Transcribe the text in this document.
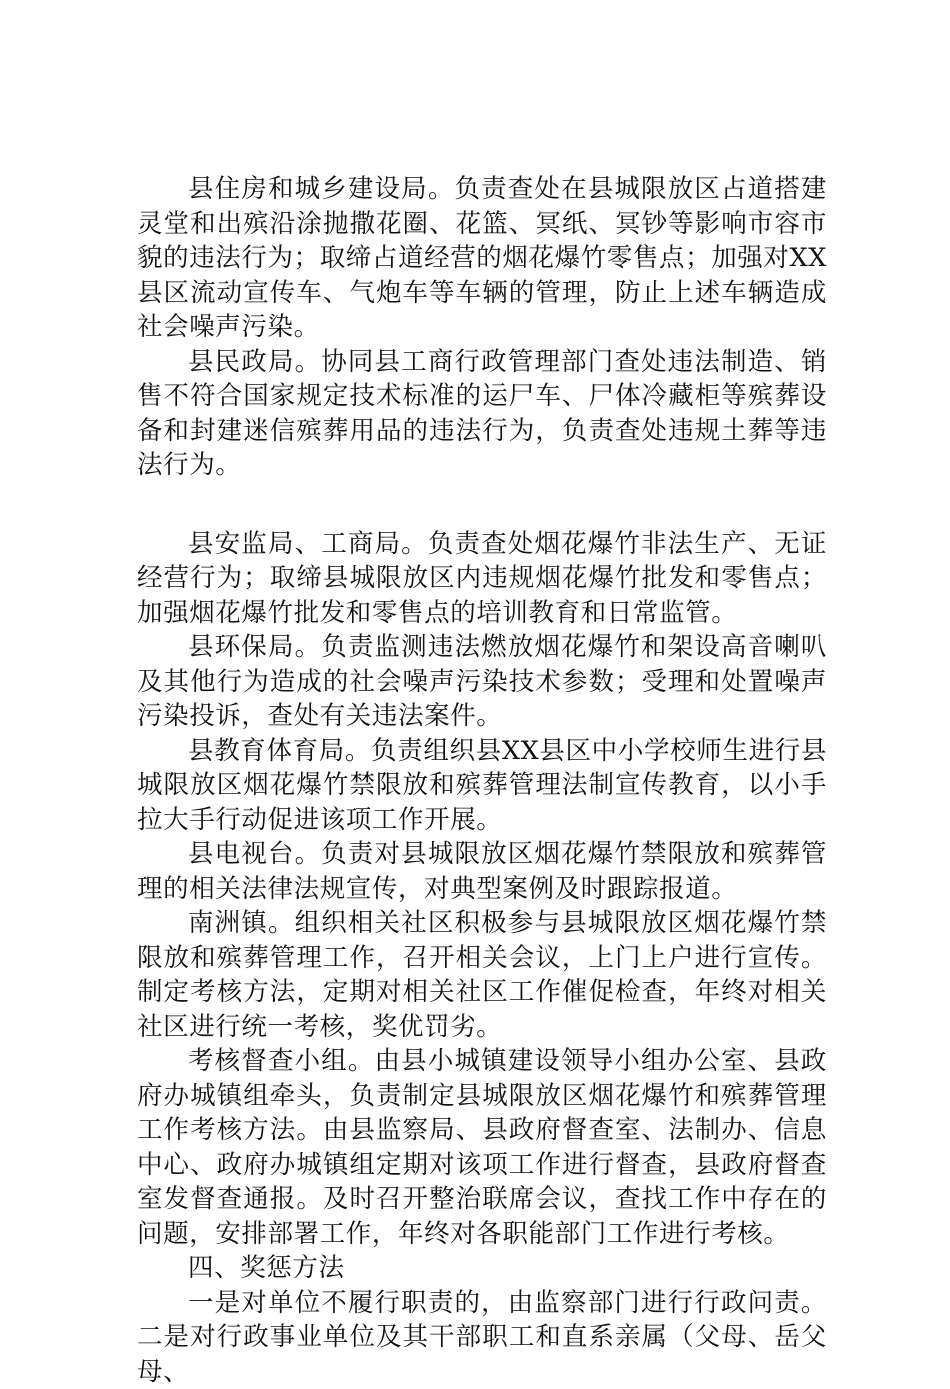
县住房和城乡建设局。负责查处在县城限放区占道搭建灵堂和出殡沿涂抛撒花圈、花篮、冥纸、冥钞等影响市容市貌的违法行为；取缔占道经营的烟花爆竹零售点；加强对XX县区流动宣传车、气炮车等车辆的管理，防止上述车辆造成社会噪声污染。

县民政局。协同县工商行政管理部门查处违法制造、销售不符合国家规定技术标准的运尸车、尸体冷藏柜等殡葬设备和封建迷信殡葬用品的违法行为，负责查处违规土葬等违法行为。

县安监局、工商局。负责查处烟花爆竹非法生产、无证经营行为；取缔县城限放区内违规烟花爆竹批发和零售点；加强烟花爆竹批发和零售点的培训教育和日常监管。

县环保局。负责监测违法燃放烟花爆竹和架设高音喇叭及其他行为造成的社会噪声污染技术参数；受理和处置噪声污染投诉，查处有关违法案件。

县教育体育局。负责组织县XX县区中小学校师生进行县城限放区烟花爆竹禁限放和殡葬管理法制宣传教育，以小手拉大手行动促进该项工作开展。

县电视台。负责对县城限放区烟花爆竹禁限放和殡葬管理的相关法律法规宣传，对典型案例及时跟踪报道。

南洲镇。组织相关社区积极参与县城限放区烟花爆竹禁限放和殡葬管理工作，召开相关会议，上门上户进行宣传。制定考核方法，定期对相关社区工作催促检查，年终对相关社区进行统一考核，奖优罚劣。

考核督查小组。由县小城镇建设领导小组办公室、县政府办城镇组牵头，负责制定县城限放区烟花爆竹和殡葬管理工作考核方法。由县监察局、县政府督查室、法制办、信息中心、政府办城镇组定期对该项工作进行督查，县政府督查室发督查通报。及时召开整治联席会议，查找工作中存在的问题，安排部署工作，年终对各职能部门工作进行考核。

四、奖惩方法

一是对单位不履行职责的，由监察部门进行行政问责。二是对行政事业单位及其干部职工和直系亲属（父母、岳父母、
